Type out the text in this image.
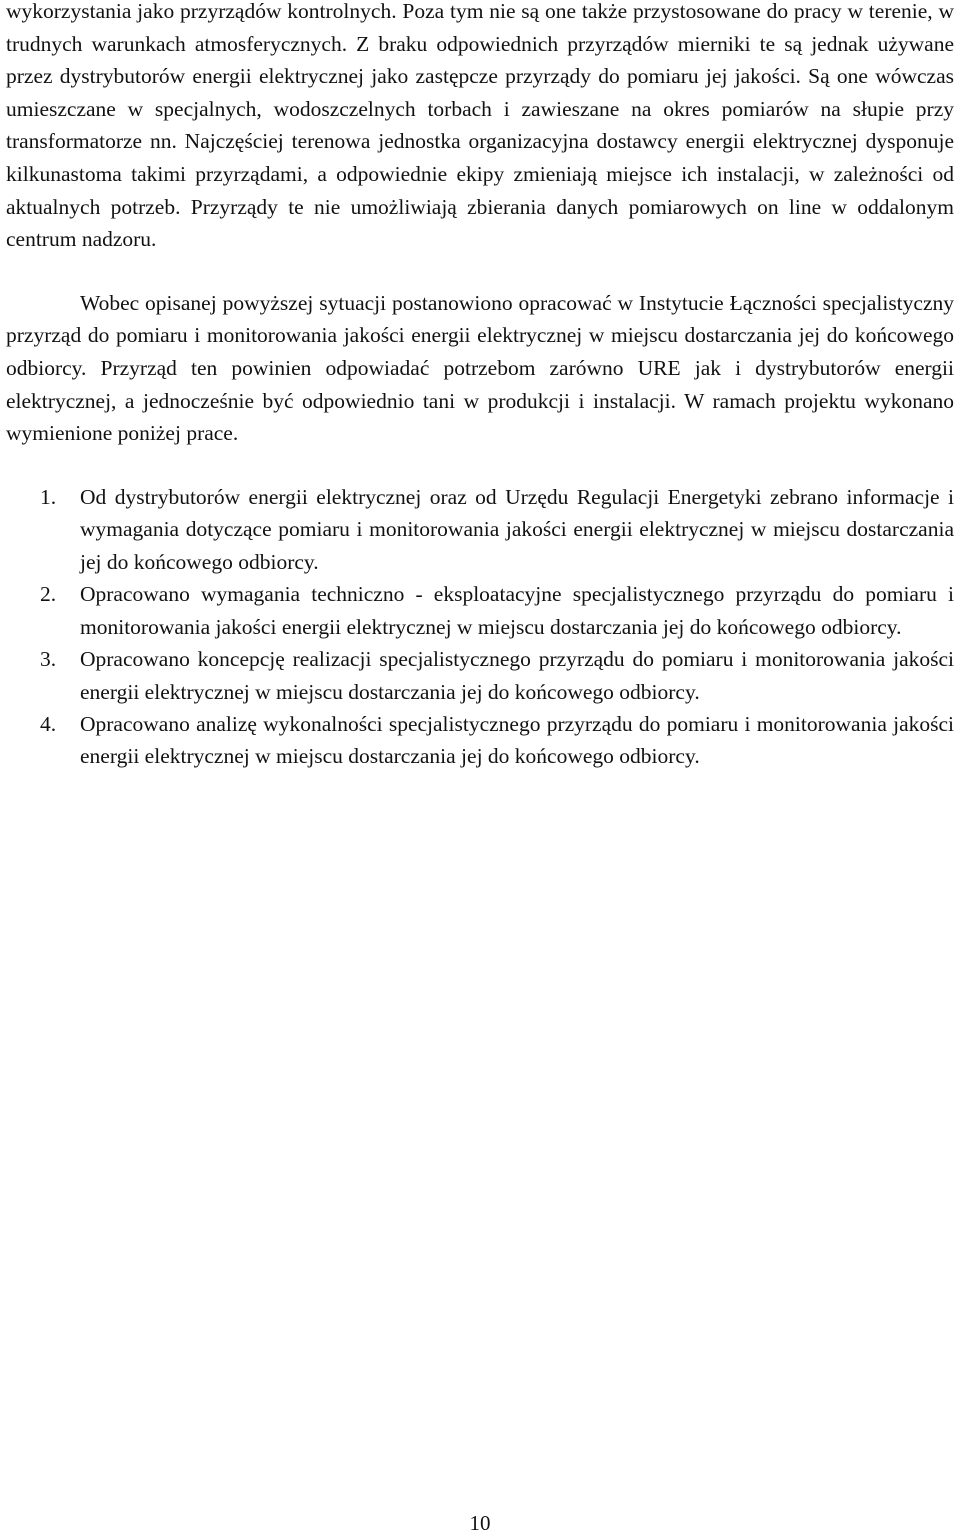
wykorzystania jako przyrządów kontrolnych. Poza tym nie są one także przystosowane do pracy w terenie, w trudnych warunkach atmosferycznych. Z braku odpowiednich przyrządów mierniki te są jednak używane przez dystrybutorów energii elektrycznej jako zastępcze przyrządy do pomiaru jej jakości. Są one wówczas umieszczane w specjalnych, wodoszczelnych torbach i zawieszane na okres pomiarów na słupie przy transformatorze nn. Najczęściej terenowa jednostka organizacyjna dostawcy energii elektrycznej dysponuje kilkunastoma takimi przyrządami, a odpowiednie ekipy zmieniają miejsce ich instalacji, w zależności od aktualnych potrzeb. Przyrządy te nie umożliwiają zbierania danych pomiarowych on line w oddalonym centrum nadzoru.

Wobec opisanej powyższej sytuacji postanowiono opracować w Instytucie Łączności specjalistyczny przyrząd do pomiaru i monitorowania jakości energii elektrycznej w miejscu dostarczania jej do końcowego odbiorcy. Przyrząd ten powinien odpowiadać potrzebom zarówno URE jak i dystrybutorów energii elektrycznej, a jednocześnie być odpowiednio tani w produkcji i instalacji. W ramach projektu wykonano wymienione poniżej prace.

1. Od dystrybutorów energii elektrycznej oraz od Urzędu Regulacji Energetyki zebrano informacje i wymagania dotyczące pomiaru i monitorowania jakości energii elektrycznej w miejscu dostarczania jej do końcowego odbiorcy.
2. Opracowano wymagania techniczno - eksploatacyjne specjalistycznego przyrządu do pomiaru i monitorowania jakości energii elektrycznej w miejscu dostarczania jej do końcowego odbiorcy.
3. Opracowano koncepcję realizacji specjalistycznego przyrządu do pomiaru i monitorowania jakości energii elektrycznej w miejscu dostarczania jej do końcowego odbiorcy.
4. Opracowano analizę wykonalności specjalistycznego przyrządu do pomiaru i monitorowania jakości energii elektrycznej w miejscu dostarczania jej do końcowego odbiorcy.
10
